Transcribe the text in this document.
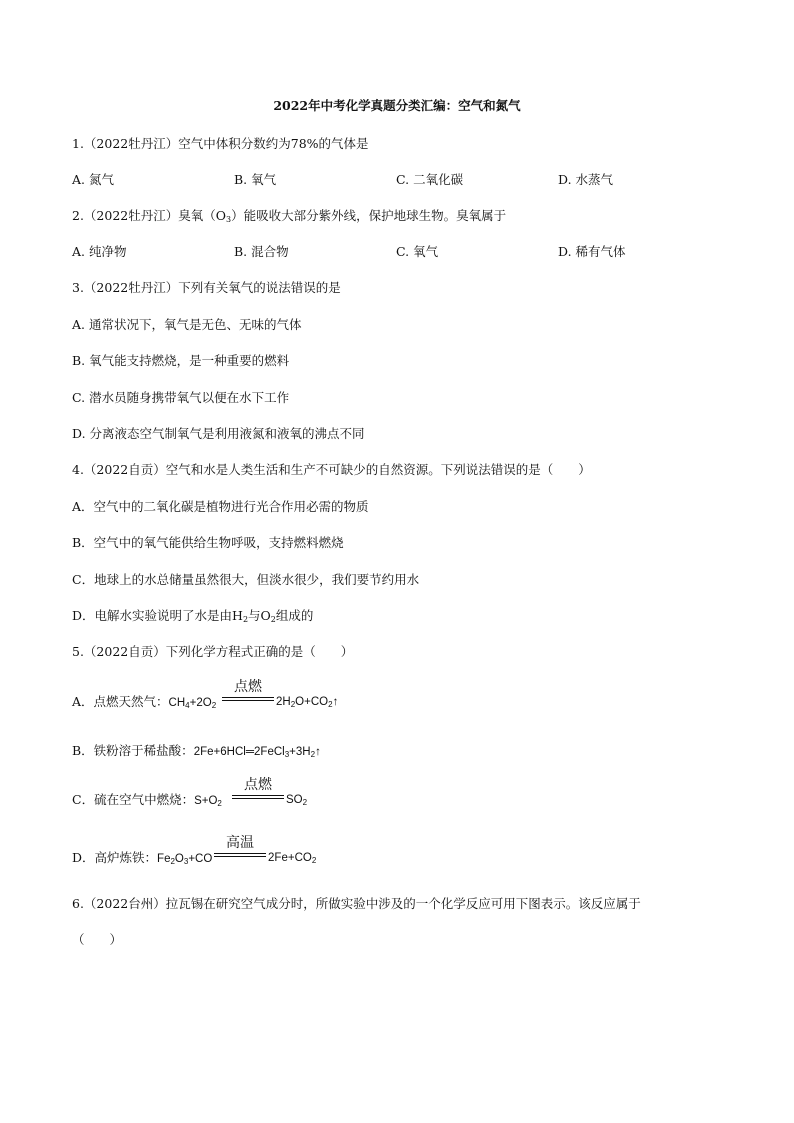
2022年中考化学真题分类汇编：空气和氮气
1.（2022牡丹江）空气中体积分数约为78%的气体是
A. 氮气	B. 氧气	C. 二氧化碳	D. 水蒸气
2.（2022牡丹江）臭氧$(O_3)$能吸收大部分紫外线，保护地球生物。臭氧属于
A. 纯净物	B. 混合物	C. 氧气	D. 稀有气体
3.（2022牡丹江）下列有关氧气的说法错误的是
A. 通常状况下，氧气是无色、无味的气体
B. 氧气能支持燃烧，是一种重要的燃料
C. 潜水员随身携带氧气以便在水下工作
D. 分离液态空气制氧气是利用液氮和液氧的沸点不同
4.（2022自贡）空气和水是人类生活和生产不可缺少的自然资源。下列说法错误的是（　　）
A．空气中的二氧化碳是植物进行光合作用必需的物质
B．空气中的氧气能供给生物呼吸，支持燃料燃烧
C．地球上的水总储量虽然很大，但淡水很少，我们要节约用水
D．电解水实验说明了水是由$H_2$与$O_2$组成的
5.（2022自贡）下列化学方程式正确的是（　　）
A．点燃天然气：$CH_4+2O_2$
点燃
$2H_2O+CO_2↑$
B．铁粉溶于稀盐酸：$2Fe+6HCl═2FeCl_3+3H_2↑$
C．硫在空气中燃烧：$S+O_2$
点燃
$SO_2$
D．高炉炼铁：$Fe_2O_3+CO$
高温
$2Fe+CO_2$
6.（2022台州）拉瓦锡在研究空气成分时，所做实验中涉及的一个化学反应可用下图表示。该反应属于
（　　）
